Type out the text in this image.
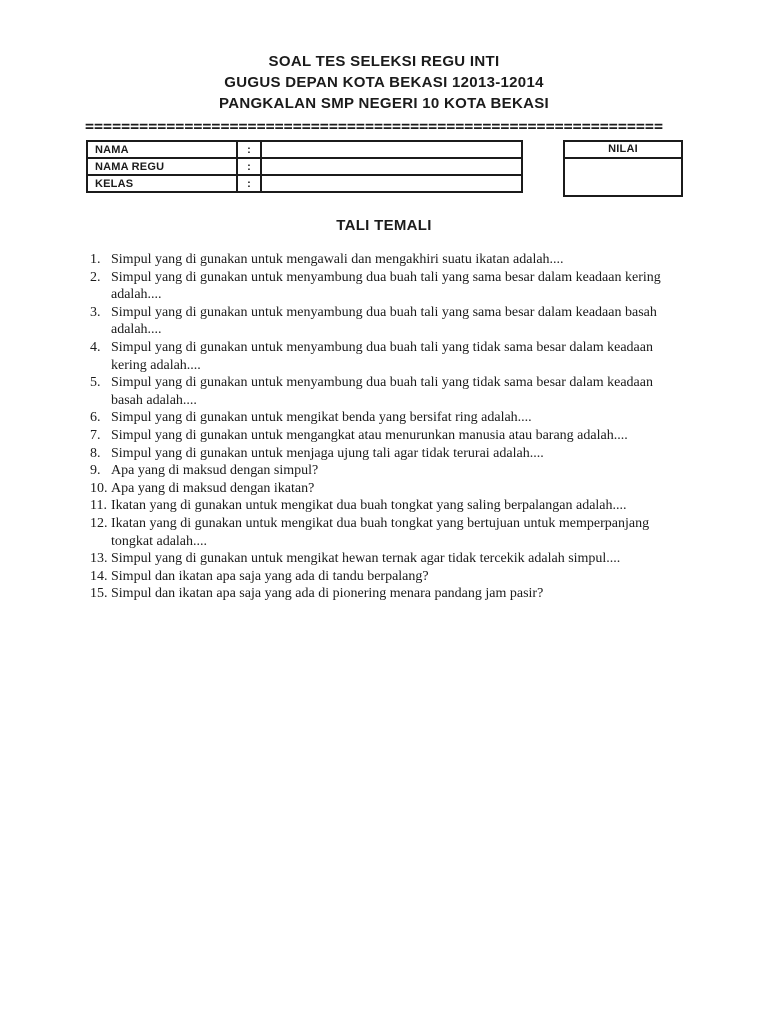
SOAL TES SELEKSI REGU INTI
GUGUS DEPAN KOTA BEKASI 12013-12014
PANGKALAN SMP NEGERI 10 KOTA BEKASI
================================================================
NAMA	:	
NAMA REGU	:	
KELAS	:	
NILAI
TALI TEMALI
1. Simpul yang di gunakan untuk mengawali dan mengakhiri suatu ikatan adalah....
2. Simpul yang di gunakan untuk menyambung dua buah tali yang sama besar dalam keadaan kering adalah....
3. Simpul yang di gunakan untuk menyambung dua buah tali yang sama besar dalam keadaan basah adalah....
4. Simpul yang di gunakan untuk menyambung dua buah tali yang tidak sama besar dalam keadaan kering adalah....
5. Simpul yang di gunakan untuk menyambung dua buah tali yang tidak sama besar dalam keadaan basah adalah....
6. Simpul yang di gunakan untuk mengikat benda yang bersifat ring adalah....
7. Simpul yang di gunakan untuk mengangkat atau menurunkan manusia atau barang adalah....
8. Simpul yang di gunakan untuk menjaga ujung tali agar tidak terurai adalah....
9. Apa yang di maksud dengan simpul?
10. Apa yang di maksud dengan ikatan?
11. Ikatan yang di gunakan untuk mengikat dua buah tongkat yang saling berpalangan adalah....
12. Ikatan yang di gunakan untuk mengikat dua buah tongkat yang bertujuan untuk memperpanjang tongkat adalah....
13. Simpul yang di gunakan untuk mengikat hewan ternak agar tidak tercekik adalah simpul....
14. Simpul dan ikatan apa saja yang ada di tandu berpalang?
15. Simpul dan ikatan apa saja yang ada di pionering menara pandang jam pasir?
